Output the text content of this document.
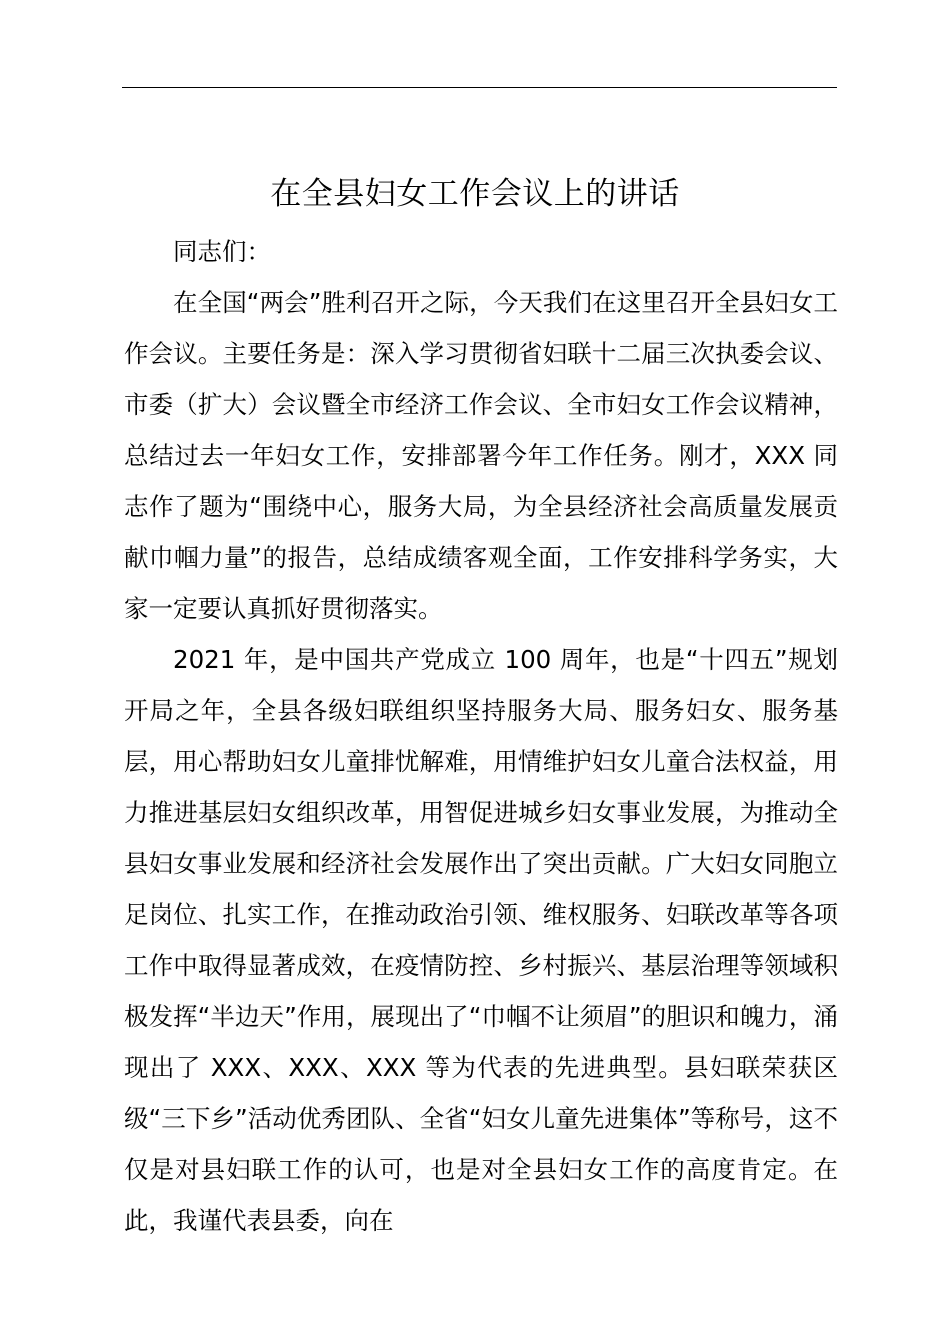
在全县妇女工作会议上的讲话

同志们：

在全国“两会”胜利召开之际，今天我们在这里召开全县妇女工作会议。主要任务是：深入学习贯彻省妇联十二届三次执委会议、市委（扩大）会议暨全市经济工作会议、全市妇女工作会议精神，总结过去一年妇女工作，安排部署今年工作任务。刚才，XXX 同志作了题为“围绕中心，服务大局，为全县经济社会高质量发展贡献巾帼力量”的报告，总结成绩客观全面，工作安排科学务实，大家一定要认真抓好贯彻落实。

2021 年，是中国共产党成立 100 周年，也是“十四五”规划开局之年，全县各级妇联组织坚持服务大局、服务妇女、服务基层，用心帮助妇女儿童排忧解难，用情维护妇女儿童合法权益，用力推进基层妇女组织改革，用智促进城乡妇女事业发展，为推动全县妇女事业发展和经济社会发展作出了突出贡献。广大妇女同胞立足岗位、扎实工作，在推动政治引领、维权服务、妇联改革等各项工作中取得显著成效，在疫情防控、乡村振兴、基层治理等领域积极发挥“半边天”作用，展现出了“巾帼不让须眉”的胆识和魄力，涌现出了 XXX、XXX、XXX 等为代表的先进典型。县妇联荣获区级“三下乡”活动优秀团队、全省“妇女儿童先进集体”等称号，这不仅是对县妇联工作的认可，也是对全县妇女工作的高度肯定。在此，我谨代表县委，向在
